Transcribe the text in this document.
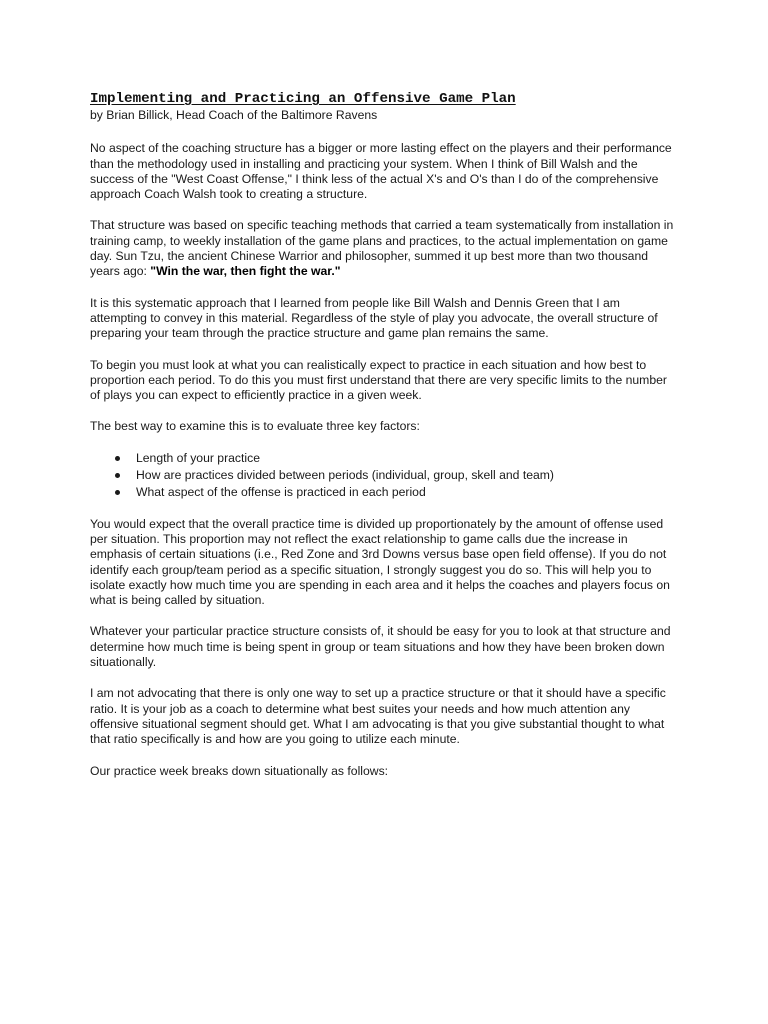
Implementing and Practicing an Offensive Game Plan
by Brian Billick, Head Coach of the Baltimore Ravens

No aspect of the coaching structure has a bigger or more lasting effect on the players and their performance than the methodology used in installing and practicing your system. When I think of Bill Walsh and the success of the "West Coast Offense," I think less of the actual X's and O's than I do of the comprehensive approach Coach Walsh took to creating a structure.

That structure was based on specific teaching methods that carried a team systematically from installation in training camp, to weekly installation of the game plans and practices, to the actual implementation on game day. Sun Tzu, the ancient Chinese Warrior and philosopher, summed it up best more than two thousand years ago: "Win the war, then fight the war."

It is this systematic approach that I learned from people like Bill Walsh and Dennis Green that I am attempting to convey in this material. Regardless of the style of play you advocate, the overall structure of preparing your team through the practice structure and game plan remains the same.

To begin you must look at what you can realistically expect to practice in each situation and how best to proportion each period. To do this you must first understand that there are very specific limits to the number of plays you can expect to efficiently practice in a given week.

The best way to examine this is to evaluate three key factors:

Length of your practice
How are practices divided between periods (individual, group, skell and team)
What aspect of the offense is practiced in each period

You would expect that the overall practice time is divided up proportionately by the amount of offense used per situation. This proportion may not reflect the exact relationship to game calls due the increase in emphasis of certain situations (i.e., Red Zone and 3rd Downs versus base open field offense). If you do not identify each group/team period as a specific situation, I strongly suggest you do so. This will help you to isolate exactly how much time you are spending in each area and it helps the coaches and players focus on what is being called by situation.

Whatever your particular practice structure consists of, it should be easy for you to look at that structure and determine how much time is being spent in group or team situations and how they have been broken down situationally.

I am not advocating that there is only one way to set up a practice structure or that it should have a specific ratio. It is your job as a coach to determine what best suites your needs and how much attention any offensive situational segment should get. What I am advocating is that you give substantial thought to what that ratio specifically is and how are you going to utilize each minute.

Our practice week breaks down situationally as follows:
